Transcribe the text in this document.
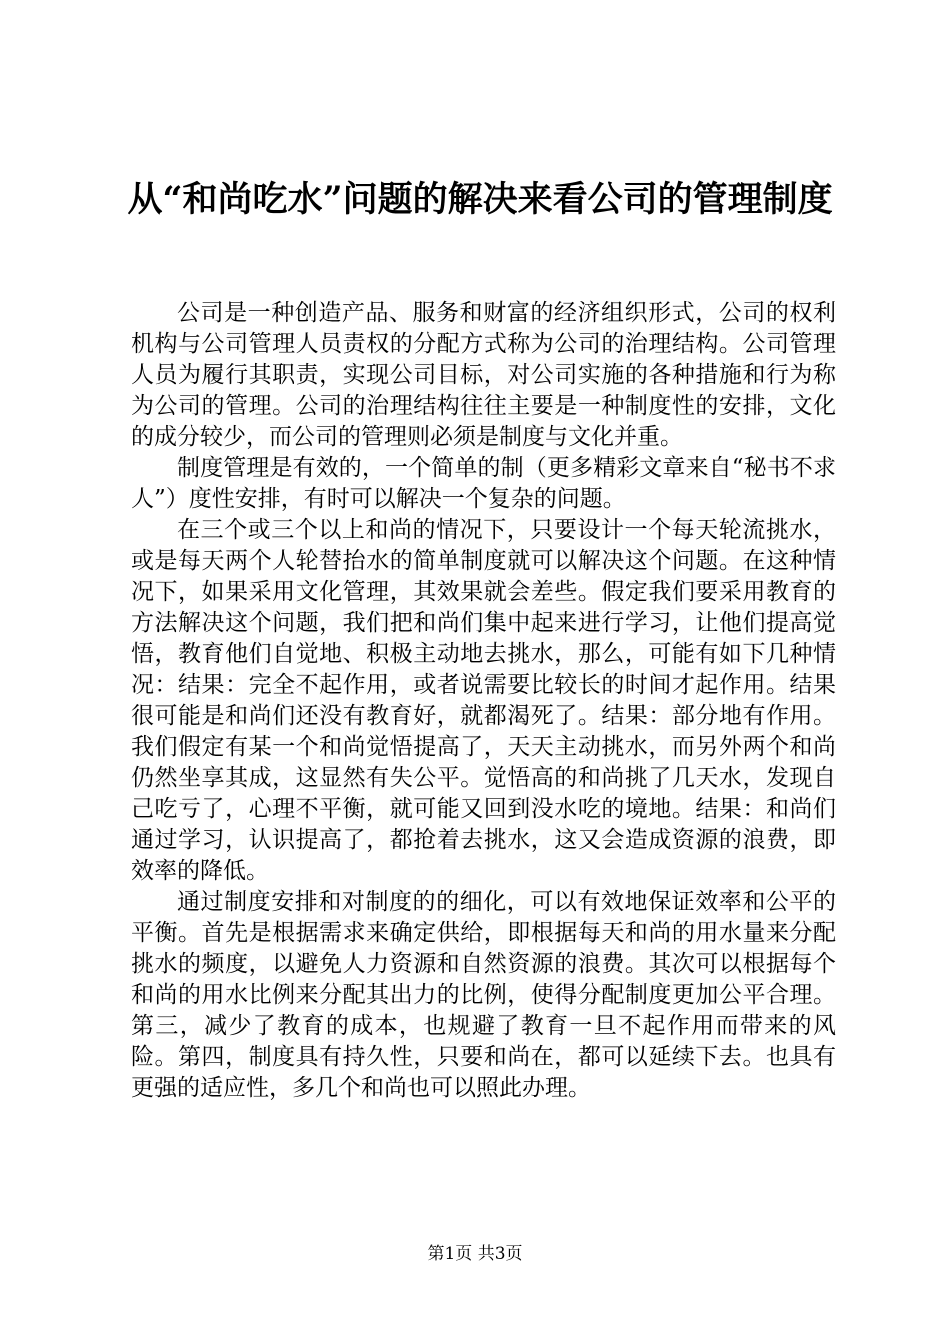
从“和尚吃水”问题的解决来看公司的管理制度

公司是一种创造产品、服务和财富的经济组织形式，公司的权利机构与公司管理人员责权的分配方式称为公司的治理结构。公司管理人员为履行其职责，实现公司目标，对公司实施的各种措施和行为称为公司的管理。公司的治理结构往往主要是一种制度性的安排，文化的成分较少，而公司的管理则必须是制度与文化并重。

制度管理是有效的，一个简单的制（更多精彩文章来自“秘书不求人”）度性安排，有时可以解决一个复杂的问题。

在三个或三个以上和尚的情况下，只要设计一个每天轮流挑水，或是每天两个人轮替抬水的简单制度就可以解决这个问题。在这种情况下，如果采用文化管理，其效果就会差些。假定我们要采用教育的方法解决这个问题，我们把和尚们集中起来进行学习，让他们提高觉悟，教育他们自觉地、积极主动地去挑水，那么，可能有如下几种情况：结果：完全不起作用，或者说需要比较长的时间才起作用。结果很可能是和尚们还没有教育好，就都渴死了。结果：部分地有作用。我们假定有某一个和尚觉悟提高了，天天主动挑水，而另外两个和尚仍然坐享其成，这显然有失公平。觉悟高的和尚挑了几天水，发现自己吃亏了，心理不平衡，就可能又回到没水吃的境地。结果：和尚们通过学习，认识提高了，都抢着去挑水，这又会造成资源的浪费，即效率的降低。

通过制度安排和对制度的的细化，可以有效地保证效率和公平的平衡。首先是根据需求来确定供给，即根据每天和尚的用水量来分配挑水的频度，以避免人力资源和自然资源的浪费。其次可以根据每个和尚的用水比例来分配其出力的比例，使得分配制度更加公平合理。第三，减少了教育的成本，也规避了教育一旦不起作用而带来的风险。第四，制度具有持久性，只要和尚在，都可以延续下去。也具有更强的适应性，多几个和尚也可以照此办理。

第1页 共3页
